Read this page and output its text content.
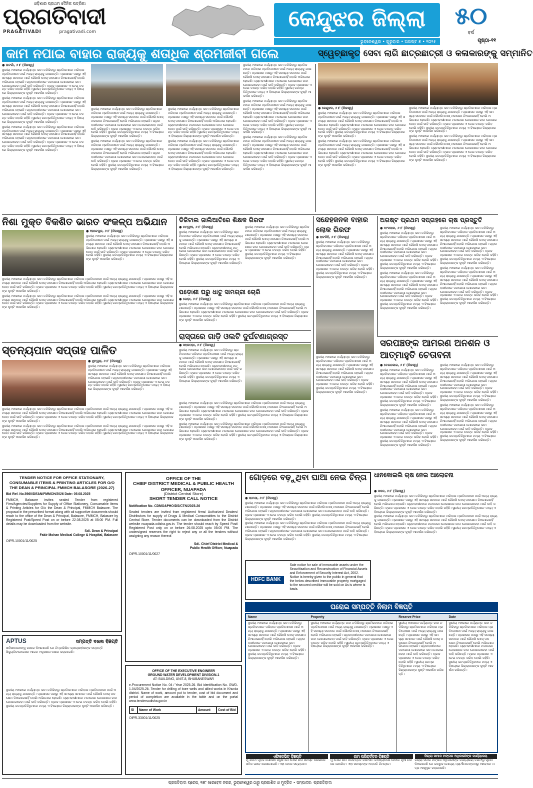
ଓଡ଼ିଶାର ପ୍ରଥମ ଦୈନିକ ପତ୍ରିକା
ପ୍ରଗତିବାଦୀ
PRAGATIVADI	pragativadi.com
କେନ୍ଦୁଝର ଜିଲ୍ଲା	୫୦
ବର୍ଷ
ଭୁବନେଶ୍ୱର • ଗୁରୁବାର • ଅଗଷ୍ଟ ୭ • ୨୦୨୫	ପୃଷ୍ଠା-୧୧
କାମ ନପାଇ ବାହାର ରାଜ୍ୟକୁ ଶତାଧିକ ଶ୍ରମଜୀବୀ ଗଲେ

● ଘଟଗାଁ, ୬।୮ (ନିଜସ୍ୱ)

ସ୍ଥାନୀୟ ଅଞ୍ଚଳରେ ପର୍ଯ୍ୟାପ୍ତ କାମ ନମିଳିବାରୁ ଶ୍ରମିକମାନେ ପରିବାର ପ୍ରତିପୋଷଣ ପାଇଁ ଅନ୍ୟ ରାଜ୍ୟକୁ ଯାଉଛନ୍ତି। ପ୍ରଶାସନ ପକ୍ଷରୁ ଏହି ସମସ୍ୟା ସମାଧାନ ପାଇଁ କୌଣସି ଠୋସ୍ ପଦକ୍ଷେପ ନିଆଯାଇନାହିଁ ବୋଲି ଅଭିଯୋଗ ହୋଇଛି। ଗ୍ରାମବାସୀମାନେ ମନରେଗା ଯୋଜନାରେ କାମ ଯୋଗାଇଦେବା ପାଇଁ ଦାବି କରିଛନ୍ତି। ବ୍ଲକ ପ୍ରଶାସନ ଏ ନେଇ ତଦନ୍ତ କରିବ ବୋଲି କହିଛି। ସ୍ଥାନୀୟ ଜନପ୍ରତିନିଧିମାନେ ମଧ୍ୟ ଏ ବିଷୟରେ ଜିଲ୍ଲାପାଳଙ୍କ ଦୃଷ୍ଟି ଆକର୍ଷଣ କରିଛନ୍ତି।

ସ୍ଥାନୀୟ ଅଞ୍ଚଳରେ ପର୍ଯ୍ୟାପ୍ତ କାମ ନମିଳିବାରୁ ଶ୍ରମିକମାନେ ପରିବାର ପ୍ରତିପୋଷଣ ପାଇଁ ଅନ୍ୟ ରାଜ୍ୟକୁ ଯାଉଛନ୍ତି। ପ୍ରଶାସନ ପକ୍ଷରୁ ଏହି ସମସ୍ୟା ସମାଧାନ ପାଇଁ କୌଣସି ଠୋସ୍ ପଦକ୍ଷେପ ନିଆଯାଇନାହିଁ ବୋଲି ଅଭିଯୋଗ ହୋଇଛି। ଗ୍ରାମବାସୀମାନେ ମନରେଗା ଯୋଜନାରେ କାମ ଯୋଗାଇଦେବା ପାଇଁ ଦାବି କରିଛନ୍ତି। ବ୍ଲକ ପ୍ରଶାସନ ଏ ନେଇ ତଦନ୍ତ କରିବ ବୋଲି କହିଛି। ସ୍ଥାନୀୟ ଜନପ୍ରତିନିଧିମାନେ ମଧ୍ୟ ଏ ବିଷୟରେ ଜିଲ୍ଲାପାଳଙ୍କ ଦୃଷ୍ଟି ଆକର୍ଷଣ କରିଛନ୍ତି।

ସ୍ଥାନୀୟ ଅଞ୍ଚଳରେ ପର୍ଯ୍ୟାପ୍ତ କାମ ନମିଳିବାରୁ ଶ୍ରମିକମାନେ ପରିବାର ପ୍ରତିପୋଷଣ ପାଇଁ ଅନ୍ୟ ରାଜ୍ୟକୁ ଯାଉଛନ୍ତି। ପ୍ରଶାସନ ପକ୍ଷରୁ ଏହି ସମସ୍ୟା ସମାଧାନ ପାଇଁ କୌଣସି ଠୋସ୍ ପଦକ୍ଷେପ ନିଆଯାଇନାହିଁ ବୋଲି ଅଭିଯୋଗ ହୋଇଛି। ଗ୍ରାମବାସୀମାନେ ମନରେଗା ଯୋଜନାରେ କାମ ଯୋଗାଇଦେବା ପାଇଁ ଦାବି କରିଛନ୍ତି। ବ୍ଲକ ପ୍ରଶାସନ ଏ ନେଇ ତଦନ୍ତ କରିବ ବୋଲି କହିଛି। ସ୍ଥାନୀୟ ଜନପ୍ରତିନିଧିମାନେ ମଧ୍ୟ ଏ ବିଷୟରେ ଜିଲ୍ଲାପାଳଙ୍କ ଦୃଷ୍ଟି ଆକର୍ଷଣ କରିଛନ୍ତି।

ସ୍ଥାନୀୟ ଅଞ୍ଚଳରେ ପର୍ଯ୍ୟାପ୍ତ କାମ ନମିଳିବାରୁ ଶ୍ରମିକମାନେ ପରିବାର ପ୍ରତିପୋଷଣ ପାଇଁ ଅନ୍ୟ ରାଜ୍ୟକୁ ଯାଉଛନ୍ତି। ପ୍ରଶାସନ ପକ୍ଷରୁ ଏହି ସମସ୍ୟା ସମାଧାନ ପାଇଁ କୌଣସି ଠୋସ୍ ପଦକ୍ଷେପ ନିଆଯାଇନାହିଁ ବୋଲି ଅଭିଯୋଗ ହୋଇଛି। ଗ୍ରାମବାସୀମାନେ ମନରେଗା ଯୋଜନାରେ କାମ ଯୋଗାଇଦେବା ପାଇଁ ଦାବି କରିଛନ୍ତି। ବ୍ଲକ ପ୍ରଶାସନ ଏ ନେଇ ତଦନ୍ତ କରିବ ବୋଲି କହିଛି। ସ୍ଥାନୀୟ ଜନପ୍ରତିନିଧିମାନେ ମଧ୍ୟ ଏ ବିଷୟରେ ଜିଲ୍ଲାପାଳଙ୍କ ଦୃଷ୍ଟି ଆକର୍ଷଣ କରିଛନ୍ତି।

ସ୍ଥାନୀୟ ଅଞ୍ଚଳରେ ପର୍ଯ୍ୟାପ୍ତ କାମ ନମିଳିବାରୁ ଶ୍ରମିକମାନେ ପରିବାର ପ୍ରତିପୋଷଣ ପାଇଁ ଅନ୍ୟ ରାଜ୍ୟକୁ ଯାଉଛନ୍ତି। ପ୍ରଶାସନ ପକ୍ଷରୁ ଏହି ସମସ୍ୟା ସମାଧାନ ପାଇଁ କୌଣସି ଠୋସ୍ ପଦକ୍ଷେପ ନିଆଯାଇନାହିଁ ବୋଲି ଅଭିଯୋଗ ହୋଇଛି। ଗ୍ରାମବାସୀମାନେ ମନରେଗା ଯୋଜନାରେ କାମ ଯୋଗାଇଦେବା ପାଇଁ ଦାବି କରିଛନ୍ତି। ବ୍ଲକ ପ୍ରଶାସନ ଏ ନେଇ ତଦନ୍ତ କରିବ ବୋଲି କହିଛି। ସ୍ଥାନୀୟ ଜନପ୍ରତିନିଧିମାନେ ମଧ୍ୟ ଏ ବିଷୟରେ ଜିଲ୍ଲାପାଳଙ୍କ ଦୃଷ୍ଟି ଆକର୍ଷଣ କରିଛନ୍ତି।

ସ୍ଥାନୀୟ ଅଞ୍ଚଳରେ ପର୍ଯ୍ୟାପ୍ତ କାମ ନମିଳିବାରୁ ଶ୍ରମିକମାନେ ପରିବାର ପ୍ରତିପୋଷଣ ପାଇଁ ଅନ୍ୟ ରାଜ୍ୟକୁ ଯାଉଛନ୍ତି। ପ୍ରଶାସନ ପକ୍ଷରୁ ଏହି ସମସ୍ୟା ସମାଧାନ ପାଇଁ କୌଣସି ଠୋସ୍ ପଦକ୍ଷେପ ନିଆଯାଇନାହିଁ ବୋଲି ଅଭିଯୋଗ ହୋଇଛି। ଗ୍ରାମବାସୀମାନେ ମନରେଗା ଯୋଜନାରେ କାମ ଯୋଗାଇଦେବା ପାଇଁ ଦାବି କରିଛନ୍ତି। ବ୍ଲକ ପ୍ରଶାସନ ଏ ନେଇ ତଦନ୍ତ କରିବ ବୋଲି କହିଛି। ସ୍ଥାନୀୟ ଜନପ୍ରତିନିଧିମାନେ ମଧ୍ୟ ଏ ବିଷୟରେ ଜିଲ୍ଲାପାଳଙ୍କ ଦୃଷ୍ଟି ଆକର୍ଷଣ କରିଛନ୍ତି।

ସ୍ଥାନୀୟ ଅଞ୍ଚଳରେ ପର୍ଯ୍ୟାପ୍ତ କାମ ନମିଳିବାରୁ ଶ୍ରମିକମାନେ ପରିବାର ପ୍ରତିପୋଷଣ ପାଇଁ ଅନ୍ୟ ରାଜ୍ୟକୁ ଯାଉଛନ୍ତି। ପ୍ରଶାସନ ପକ୍ଷରୁ ଏହି ସମସ୍ୟା ସମାଧାନ ପାଇଁ କୌଣସି ଠୋସ୍ ପଦକ୍ଷେପ ନିଆଯାଇନାହିଁ ବୋଲି ଅଭିଯୋଗ ହୋଇଛି। ଗ୍ରାମବାସୀମାନେ ମନରେଗା ଯୋଜନାରେ କାମ ଯୋଗାଇଦେବା ପାଇଁ ଦାବି କରିଛନ୍ତି। ବ୍ଲକ ପ୍ରଶାସନ ଏ ନେଇ ତଦନ୍ତ କରିବ ବୋଲି କହିଛି। ସ୍ଥାନୀୟ ଜନପ୍ରତିନିଧିମାନେ ମଧ୍ୟ ଏ ବିଷୟରେ ଜିଲ୍ଲାପାଳଙ୍କ ଦୃଷ୍ଟି ଆକର୍ଷଣ କରିଛନ୍ତି।

ସ୍ଥାନୀୟ ଅଞ୍ଚଳରେ ପର୍ଯ୍ୟାପ୍ତ କାମ ନମିଳିବାରୁ ଶ୍ରମିକମାନେ ପରିବାର ପ୍ରତିପୋଷଣ ପାଇଁ ଅନ୍ୟ ରାଜ୍ୟକୁ ଯାଉଛନ୍ତି। ପ୍ରଶାସନ ପକ୍ଷରୁ ଏହି ସମସ୍ୟା ସମାଧାନ ପାଇଁ କୌଣସି ଠୋସ୍ ପଦକ୍ଷେପ ନିଆଯାଇନାହିଁ ବୋଲି ଅଭିଯୋଗ ହୋଇଛି। ଗ୍ରାମବାସୀମାନେ ମନରେଗା ଯୋଜନାରେ କାମ ଯୋଗାଇଦେବା ପାଇଁ ଦାବି କରିଛନ୍ତି। ବ୍ଲକ ପ୍ରଶାସନ ଏ ନେଇ ତଦନ୍ତ କରିବ ବୋଲି କହିଛି। ସ୍ଥାନୀୟ ଜନପ୍ରତିନିଧିମାନେ ମଧ୍ୟ ଏ ବିଷୟରେ ଜିଲ୍ଲାପାଳଙ୍କ ଦୃଷ୍ଟି ଆକର୍ଷଣ କରିଛନ୍ତି।

ସ୍ଥାନୀୟ ଅଞ୍ଚଳରେ ପର୍ଯ୍ୟାପ୍ତ କାମ ନମିଳିବାରୁ ଶ୍ରମିକମାନେ ପରିବାର ପ୍ରତିପୋଷଣ ପାଇଁ ଅନ୍ୟ ରାଜ୍ୟକୁ ଯାଉଛନ୍ତି। ପ୍ରଶାସନ ପକ୍ଷରୁ ଏହି ସମସ୍ୟା ସମାଧାନ ପାଇଁ କୌଣସି ଠୋସ୍ ପଦକ୍ଷେପ ନିଆଯାଇନାହିଁ ବୋଲି ଅଭିଯୋଗ ହୋଇଛି। ଗ୍ରାମବାସୀମାନେ ମନରେଗା ଯୋଜନାରେ କାମ ଯୋଗାଇଦେବା ପାଇଁ ଦାବି କରିଛନ୍ତି। ବ୍ଲକ ପ୍ରଶାସନ ଏ ନେଇ ତଦନ୍ତ କରିବ ବୋଲି କହିଛି। ସ୍ଥାନୀୟ ଜନପ୍ରତିନିଧିମାନେ ମଧ୍ୟ ଏ ବିଷୟରେ ଜିଲ୍ଲାପାଳଙ୍କ ଦୃଷ୍ଟି ଆକର୍ଷଣ କରିଛନ୍ତି।

ସ୍ଥାନୀୟ ଅଞ୍ଚଳରେ ପର୍ଯ୍ୟାପ୍ତ କାମ ନମିଳିବାରୁ ଶ୍ରମିକମାନେ ପରିବାର ପ୍ରତିପୋଷଣ ପାଇଁ ଅନ୍ୟ ରାଜ୍ୟକୁ ଯାଉଛନ୍ତି। ପ୍ରଶାସନ ପକ୍ଷରୁ ଏହି ସମସ୍ୟା ସମାଧାନ ପାଇଁ କୌଣସି ଠୋସ୍ ପଦକ୍ଷେପ ନିଆଯାଇନାହିଁ ବୋଲି ଅଭିଯୋଗ ହୋଇଛି। ଗ୍ରାମବାସୀମାନେ ମନରେଗା ଯୋଜନାରେ କାମ ଯୋଗାଇଦେବା ପାଇଁ ଦାବି କରିଛନ୍ତି। ବ୍ଲକ ପ୍ରଶାସନ ଏ ନେଇ ତଦନ୍ତ କରିବ ବୋଲି କହିଛି। ସ୍ଥାନୀୟ ଜନପ୍ରତିନିଧିମାନେ ମଧ୍ୟ ଏ ବିଷୟରେ ଜିଲ୍ଲାପାଳଙ୍କ ଦୃଷ୍ଟି ଆକର୍ଷଣ କରିଛନ୍ତି।

ସ୍ୱେଚ୍ଛାକୃତ ସେବା ଲାଗି ଛାତ୍ରଛାତ୍ରୀ ଓ କଳାକାରଙ୍କୁ ସମ୍ମାନିତ

● କେନ୍ଦୁଝର, ୬।୮ (ନିଜସ୍ୱ)

ସ୍ଥାନୀୟ ଅଞ୍ଚଳରେ ପର୍ଯ୍ୟାପ୍ତ କାମ ନମିଳିବାରୁ ଶ୍ରମିକମାନେ ପରିବାର ପ୍ରତିପୋଷଣ ପାଇଁ ଅନ୍ୟ ରାଜ୍ୟକୁ ଯାଉଛନ୍ତି। ପ୍ରଶାସନ ପକ୍ଷରୁ ଏହି ସମସ୍ୟା ସମାଧାନ ପାଇଁ କୌଣସି ଠୋସ୍ ପଦକ୍ଷେପ ନିଆଯାଇନାହିଁ ବୋଲି ଅଭିଯୋଗ ହୋଇଛି। ଗ୍ରାମବାସୀମାନେ ମନରେଗା ଯୋଜନାରେ କାମ ଯୋଗାଇଦେବା ପାଇଁ ଦାବି କରିଛନ୍ତି। ବ୍ଲକ ପ୍ରଶାସନ ଏ ନେଇ ତଦନ୍ତ କରିବ ବୋଲି କହିଛି। ସ୍ଥାନୀୟ ଜନପ୍ରତିନିଧିମାନେ ମଧ୍ୟ ଏ ବିଷୟରେ ଜିଲ୍ଲାପାଳଙ୍କ ଦୃଷ୍ଟି ଆକର୍ଷଣ କରିଛନ୍ତି।

ସ୍ଥାନୀୟ ଅଞ୍ଚଳରେ ପର୍ଯ୍ୟାପ୍ତ କାମ ନମିଳିବାରୁ ଶ୍ରମିକମାନେ ପରିବାର ପ୍ରତିପୋଷଣ ପାଇଁ ଅନ୍ୟ ରାଜ୍ୟକୁ ଯାଉଛନ୍ତି। ପ୍ରଶାସନ ପକ୍ଷରୁ ଏହି ସମସ୍ୟା ସମାଧାନ ପାଇଁ କୌଣସି ଠୋସ୍ ପଦକ୍ଷେପ ନିଆଯାଇନାହିଁ ବୋଲି ଅଭିଯୋଗ ହୋଇଛି। ଗ୍ରାମବାସୀମାନେ ମନରେଗା ଯୋଜନାରେ କାମ ଯୋଗାଇଦେବା ପାଇଁ ଦାବି କରିଛନ୍ତି। ବ୍ଲକ ପ୍ରଶାସନ ଏ ନେଇ ତଦନ୍ତ କରିବ ବୋଲି କହିଛି। ସ୍ଥାନୀୟ ଜନପ୍ରତିନିଧିମାନେ ମଧ୍ୟ ଏ ବିଷୟରେ ଜିଲ୍ଲାପାଳଙ୍କ ଦୃଷ୍ଟି ଆକର୍ଷଣ କରିଛନ୍ତି।

ସ୍ଥାନୀୟ ଅଞ୍ଚଳରେ ପର୍ଯ୍ୟାପ୍ତ କାମ ନମିଳିବାରୁ ଶ୍ରମିକମାନେ ପରିବାର ପ୍ରତିପୋଷଣ ପାଇଁ ଅନ୍ୟ ରାଜ୍ୟକୁ ଯାଉଛନ୍ତି। ପ୍ରଶାସନ ପକ୍ଷରୁ ଏହି ସମସ୍ୟା ସମାଧାନ ପାଇଁ କୌଣସି ଠୋସ୍ ପଦକ୍ଷେପ ନିଆଯାଇନାହିଁ ବୋଲି ଅଭିଯୋଗ ହୋଇଛି। ଗ୍ରାମବାସୀମାନେ ମନରେଗା ଯୋଜନାରେ କାମ ଯୋଗାଇଦେବା ପାଇଁ ଦାବି କରିଛନ୍ତି। ବ୍ଲକ ପ୍ରଶାସନ ଏ ନେଇ ତଦନ୍ତ କରିବ ବୋଲି କହିଛି। ସ୍ଥାନୀୟ ଜନପ୍ରତିନିଧିମାନେ ମଧ୍ୟ ଏ ବିଷୟରେ ଜିଲ୍ଲାପାଳଙ୍କ ଦୃଷ୍ଟି ଆକର୍ଷଣ କରିଛନ୍ତି।

ସ୍ଥାନୀୟ ଅଞ୍ଚଳରେ ପର୍ଯ୍ୟାପ୍ତ କାମ ନମିଳିବାରୁ ଶ୍ରମିକମାନେ ପରିବାର ପ୍ରତିପୋଷଣ ପାଇଁ ଅନ୍ୟ ରାଜ୍ୟକୁ ଯାଉଛନ୍ତି। ପ୍ରଶାସନ ପକ୍ଷରୁ ଏହି ସମସ୍ୟା ସମାଧାନ ପାଇଁ କୌଣସି ଠୋସ୍ ପଦକ୍ଷେପ ନିଆଯାଇନାହିଁ ବୋଲି ଅଭିଯୋଗ ହୋଇଛି। ଗ୍ରାମବାସୀମାନେ ମନରେଗା ଯୋଜନାରେ କାମ ଯୋଗାଇଦେବା ପାଇଁ ଦାବି କରିଛନ୍ତି। ବ୍ଲକ ପ୍ରଶାସନ ଏ ନେଇ ତଦନ୍ତ କରିବ ବୋଲି କହିଛି। ସ୍ଥାନୀୟ ଜନପ୍ରତିନିଧିମାନେ ମଧ୍ୟ ଏ ବିଷୟରେ ଜିଲ୍ଲାପାଳଙ୍କ ଦୃଷ୍ଟି ଆକର୍ଷଣ କରିଛନ୍ତି।

ନିଶା ମୁକ୍ତ ବିକଶିତ ଭାରତ ସଂକଳ୍ପ ଅଭିଯାନ

● ଆନନ୍ଦପୁର, ୬।୮ (ନିଜସ୍ୱ)

ସ୍ଥାନୀୟ ଅଞ୍ଚଳରେ ପର୍ଯ୍ୟାପ୍ତ କାମ ନମିଳିବାରୁ ଶ୍ରମିକମାନେ ପରିବାର ପ୍ରତିପୋଷଣ ପାଇଁ ଅନ୍ୟ ରାଜ୍ୟକୁ ଯାଉଛନ୍ତି। ପ୍ରଶାସନ ପକ୍ଷରୁ ଏହି ସମସ୍ୟା ସମାଧାନ ପାଇଁ କୌଣସି ଠୋସ୍ ପଦକ୍ଷେପ ନିଆଯାଇନାହିଁ ବୋଲି ଅଭିଯୋଗ ହୋଇଛି। ଗ୍ରାମବାସୀମାନେ ମନରେଗା ଯୋଜନାରେ କାମ ଯୋଗାଇଦେବା ପାଇଁ ଦାବି କରିଛନ୍ତି। ବ୍ଲକ ପ୍ରଶାସନ ଏ ନେଇ ତଦନ୍ତ କରିବ ବୋଲି କହିଛି। ସ୍ଥାନୀୟ ଜନପ୍ରତିନିଧିମାନେ ମଧ୍ୟ ଏ ବିଷୟରେ ଜିଲ୍ଲାପାଳଙ୍କ ଦୃଷ୍ଟି ଆକର୍ଷଣ କରିଛନ୍ତି।

ସ୍ଥାନୀୟ ଅଞ୍ଚଳରେ ପର୍ଯ୍ୟାପ୍ତ କାମ ନମିଳିବାରୁ ଶ୍ରମିକମାନେ ପରିବାର ପ୍ରତିପୋଷଣ ପାଇଁ ଅନ୍ୟ ରାଜ୍ୟକୁ ଯାଉଛନ୍ତି। ପ୍ରଶାସନ ପକ୍ଷରୁ ଏହି ସମସ୍ୟା ସମାଧାନ ପାଇଁ କୌଣସି ଠୋସ୍ ପଦକ୍ଷେପ ନିଆଯାଇନାହିଁ ବୋଲି ଅଭିଯୋଗ ହୋଇଛି। ଗ୍ରାମବାସୀମାନେ ମନରେଗା ଯୋଜନାରେ କାମ ଯୋଗାଇଦେବା ପାଇଁ ଦାବି କରିଛନ୍ତି। ବ୍ଲକ ପ୍ରଶାସନ ଏ ନେଇ ତଦନ୍ତ କରିବ ବୋଲି କହିଛି। ସ୍ଥାନୀୟ ଜନପ୍ରତିନିଧିମାନେ ମଧ୍ୟ ଏ ବିଷୟରେ ଜିଲ୍ଲାପାଳଙ୍କ ଦୃଷ୍ଟି ଆକର୍ଷଣ କରିଛନ୍ତି।

ସ୍ଥାନୀୟ ଅଞ୍ଚଳରେ ପର୍ଯ୍ୟାପ୍ତ କାମ ନମିଳିବାରୁ ଶ୍ରମିକମାନେ ପରିବାର ପ୍ରତିପୋଷଣ ପାଇଁ ଅନ୍ୟ ରାଜ୍ୟକୁ ଯାଉଛନ୍ତି। ପ୍ରଶାସନ ପକ୍ଷରୁ ଏହି ସମସ୍ୟା ସମାଧାନ ପାଇଁ କୌଣସି ଠୋସ୍ ପଦକ୍ଷେପ ନିଆଯାଇନାହିଁ ବୋଲି ଅଭିଯୋଗ ହୋଇଛି। ଗ୍ରାମବାସୀମାନେ ମନରେଗା ଯୋଜନାରେ କାମ ଯୋଗାଇଦେବା ପାଇଁ ଦାବି କରିଛନ୍ତି। ବ୍ଲକ ପ୍ରଶାସନ ଏ ନେଇ ତଦନ୍ତ କରିବ ବୋଲି କହିଛି। ସ୍ଥାନୀୟ ଜନପ୍ରତିନିଧିମାନେ ମଧ୍ୟ ଏ ବିଷୟରେ ଜିଲ୍ଲାପାଳଙ୍କ ଦୃଷ୍ଟି ଆକର୍ଷଣ କରିଛନ୍ତି।

ଡିଜିଟାଲ ଜାଲିଆତିରେ ଶିକ୍ଷକ ଗିରଫ

● ଚମ୍ପୁଆ, ୬।୮ (ନିଜସ୍ୱ)

ସ୍ଥାନୀୟ ଅଞ୍ଚଳରେ ପର୍ଯ୍ୟାପ୍ତ କାମ ନମିଳିବାରୁ ଶ୍ରମିକମାନେ ପରିବାର ପ୍ରତିପୋଷଣ ପାଇଁ ଅନ୍ୟ ରାଜ୍ୟକୁ ଯାଉଛନ୍ତି। ପ୍ରଶାସନ ପକ୍ଷରୁ ଏହି ସମସ୍ୟା ସମାଧାନ ପାଇଁ କୌଣସି ଠୋସ୍ ପଦକ୍ଷେପ ନିଆଯାଇନାହିଁ ବୋଲି ଅଭିଯୋଗ ହୋଇଛି। ଗ୍ରାମବାସୀମାନେ ମନରେଗା ଯୋଜନାରେ କାମ ଯୋଗାଇଦେବା ପାଇଁ ଦାବି କରିଛନ୍ତି। ବ୍ଲକ ପ୍ରଶାସନ ଏ ନେଇ ତଦନ୍ତ କରିବ ବୋଲି କହିଛି। ସ୍ଥାନୀୟ ଜନପ୍ରତିନିଧିମାନେ ମଧ୍ୟ ଏ ବିଷୟରେ ଜିଲ୍ଲାପାଳଙ୍କ ଦୃଷ୍ଟି ଆକର୍ଷଣ କରିଛନ୍ତି।

ସ୍ଥାନୀୟ ଅଞ୍ଚଳରେ ପର୍ଯ୍ୟାପ୍ତ କାମ ନମିଳିବାରୁ ଶ୍ରମିକମାନେ ପରିବାର ପ୍ରତିପୋଷଣ ପାଇଁ ଅନ୍ୟ ରାଜ୍ୟକୁ ଯାଉଛନ୍ତି। ପ୍ରଶାସନ ପକ୍ଷରୁ ଏହି ସମସ୍ୟା ସମାଧାନ ପାଇଁ କୌଣସି ଠୋସ୍ ପଦକ୍ଷେପ ନିଆଯାଇନାହିଁ ବୋଲି ଅଭିଯୋଗ ହୋଇଛି। ଗ୍ରାମବାସୀମାନେ ମନରେଗା ଯୋଜନାରେ କାମ ଯୋଗାଇଦେବା ପାଇଁ ଦାବି କରିଛନ୍ତି। ବ୍ଲକ ପ୍ରଶାସନ ଏ ନେଇ ତଦନ୍ତ କରିବ ବୋଲି କହିଛି। ସ୍ଥାନୀୟ ଜନପ୍ରତିନିଧିମାନେ ମଧ୍ୟ ଏ ବିଷୟରେ ଜିଲ୍ଲାପାଳଙ୍କ ଦୃଷ୍ଟି ଆକର୍ଷଣ କରିଛନ୍ତି।

ପଡ଼ୋଶୀ ଘରୁ ଧାତୁ ସାମଗ୍ରୀ ଚୋରି

● ଜୋଡ଼ା, ୬।୮ (ନିଜସ୍ୱ)

ସ୍ଥାନୀୟ ଅଞ୍ଚଳରେ ପର୍ଯ୍ୟାପ୍ତ କାମ ନମିଳିବାରୁ ଶ୍ରମିକମାନେ ପରିବାର ପ୍ରତିପୋଷଣ ପାଇଁ ଅନ୍ୟ ରାଜ୍ୟକୁ ଯାଉଛନ୍ତି। ପ୍ରଶାସନ ପକ୍ଷରୁ ଏହି ସମସ୍ୟା ସମାଧାନ ପାଇଁ କୌଣସି ଠୋସ୍ ପଦକ୍ଷେପ ନିଆଯାଇନାହିଁ ବୋଲି ଅଭିଯୋଗ ହୋଇଛି। ଗ୍ରାମବାସୀମାନେ ମନରେଗା ଯୋଜନାରେ କାମ ଯୋଗାଇଦେବା ପାଇଁ ଦାବି କରିଛନ୍ତି। ବ୍ଲକ ପ୍ରଶାସନ ଏ ନେଇ ତଦନ୍ତ କରିବ ବୋଲି କହିଛି। ସ୍ଥାନୀୟ ଜନପ୍ରତିନିଧିମାନେ ମଧ୍ୟ ଏ ବିଷୟରେ ଜିଲ୍ଲାପାଳଙ୍କ ଦୃଷ୍ଟି ଆକର୍ଷଣ କରିଛନ୍ତି।

ସନ୍ଦେହଜନକ ବାହାର ଲୋକ ଗିରଫ

● ହାଟଡିହି, ୬।୮ (ନିଜସ୍ୱ)

ସ୍ଥାନୀୟ ଅଞ୍ଚଳରେ ପର୍ଯ୍ୟାପ୍ତ କାମ ନମିଳିବାରୁ ଶ୍ରମିକମାନେ ପରିବାର ପ୍ରତିପୋଷଣ ପାଇଁ ଅନ୍ୟ ରାଜ୍ୟକୁ ଯାଉଛନ୍ତି। ପ୍ରଶାସନ ପକ୍ଷରୁ ଏହି ସମସ୍ୟା ସମାଧାନ ପାଇଁ କୌଣସି ଠୋସ୍ ପଦକ୍ଷେପ ନିଆଯାଇନାହିଁ ବୋଲି ଅଭିଯୋଗ ହୋଇଛି। ଗ୍ରାମବାସୀମାନେ ମନରେଗା ଯୋଜନାରେ କାମ ଯୋଗାଇଦେବା ପାଇଁ ଦାବି କରିଛନ୍ତି। ବ୍ଲକ ପ୍ରଶାସନ ଏ ନେଇ ତଦନ୍ତ କରିବ ବୋଲି କହିଛି। ସ୍ଥାନୀୟ ଜନପ୍ରତିନିଧିମାନେ ମଧ୍ୟ ଏ ବିଷୟରେ ଜିଲ୍ଲାପାଳଙ୍କ ଦୃଷ୍ଟି ଆକର୍ଷଣ କରିଛନ୍ତି।

ସ୍ଥାନୀୟ ଅଞ୍ଚଳରେ ପର୍ଯ୍ୟାପ୍ତ କାମ ନମିଳିବାରୁ ଶ୍ରମିକମାନେ ପରିବାର ପ୍ରତିପୋଷଣ ପାଇଁ ଅନ୍ୟ ରାଜ୍ୟକୁ ଯାଉଛନ୍ତି। ପ୍ରଶାସନ ପକ୍ଷରୁ ଏହି ସମସ୍ୟା ସମାଧାନ ପାଇଁ କୌଣସି ଠୋସ୍ ପଦକ୍ଷେପ ନିଆଯାଇନାହିଁ ବୋଲି ଅଭିଯୋଗ ହୋଇଛି। ଗ୍ରାମବାସୀମାନେ ମନରେଗା ଯୋଜନାରେ କାମ ଯୋଗାଇଦେବା ପାଇଁ ଦାବି କରିଛନ୍ତି। ବ୍ଲକ ପ୍ରଶାସନ ଏ ନେଇ ତଦନ୍ତ କରିବ ବୋଲି କହିଛି। ସ୍ଥାନୀୟ ଜନପ୍ରତିନିଧିମାନେ ମଧ୍ୟ ଏ ବିଷୟରେ ଜିଲ୍ଲାପାଳଙ୍କ ଦୃଷ୍ଟି ଆକର୍ଷଣ କରିଛନ୍ତି।

ଅଗଷ୍ଟ ପ୍ରଥମ ସପ୍ତାହରେ ଚାଷ ପ୍ରସ୍ତୁତି

● ବାଂସପାଳ, ୬।୮ (ନିଜସ୍ୱ)

ସ୍ଥାନୀୟ ଅଞ୍ଚଳରେ ପର୍ଯ୍ୟାପ୍ତ କାମ ନମିଳିବାରୁ ଶ୍ରମିକମାନେ ପରିବାର ପ୍ରତିପୋଷଣ ପାଇଁ ଅନ୍ୟ ରାଜ୍ୟକୁ ଯାଉଛନ୍ତି। ପ୍ରଶାସନ ପକ୍ଷରୁ ଏହି ସମସ୍ୟା ସମାଧାନ ପାଇଁ କୌଣସି ଠୋସ୍ ପଦକ୍ଷେପ ନିଆଯାଇନାହିଁ ବୋଲି ଅଭିଯୋଗ ହୋଇଛି। ଗ୍ରାମବାସୀମାନେ ମନରେଗା ଯୋଜନାରେ କାମ ଯୋଗାଇଦେବା ପାଇଁ ଦାବି କରିଛନ୍ତି। ବ୍ଲକ ପ୍ରଶାସନ ଏ ନେଇ ତଦନ୍ତ କରିବ ବୋଲି କହିଛି। ସ୍ଥାନୀୟ ଜନପ୍ରତିନିଧିମାନେ ମଧ୍ୟ ଏ ବିଷୟରେ ଜିଲ୍ଲାପାଳଙ୍କ ଦୃଷ୍ଟି ଆକର୍ଷଣ କରିଛନ୍ତି।

ସ୍ଥାନୀୟ ଅଞ୍ଚଳରେ ପର୍ଯ୍ୟାପ୍ତ କାମ ନମିଳିବାରୁ ଶ୍ରମିକମାନେ ପରିବାର ପ୍ରତିପୋଷଣ ପାଇଁ ଅନ୍ୟ ରାଜ୍ୟକୁ ଯାଉଛନ୍ତି। ପ୍ରଶାସନ ପକ୍ଷରୁ ଏହି ସମସ୍ୟା ସମାଧାନ ପାଇଁ କୌଣସି ଠୋସ୍ ପଦକ୍ଷେପ ନିଆଯାଇନାହିଁ ବୋଲି ଅଭିଯୋଗ ହୋଇଛି। ଗ୍ରାମବାସୀମାନେ ମନରେଗା ଯୋଜନାରେ କାମ ଯୋଗାଇଦେବା ପାଇଁ ଦାବି କରିଛନ୍ତି। ବ୍ଲକ ପ୍ରଶାସନ ଏ ନେଇ ତଦନ୍ତ କରିବ ବୋଲି କହିଛି। ସ୍ଥାନୀୟ ଜନପ୍ରତିନିଧିମାନେ ମଧ୍ୟ ଏ ବିଷୟରେ ଜିଲ୍ଲାପାଳଙ୍କ ଦୃଷ୍ଟି ଆକର୍ଷଣ କରିଛନ୍ତି।

ସ୍ଥାନୀୟ ଅଞ୍ଚଳରେ ପର୍ଯ୍ୟାପ୍ତ କାମ ନମିଳିବାରୁ ଶ୍ରମିକମାନେ ପରିବାର ପ୍ରତିପୋଷଣ ପାଇଁ ଅନ୍ୟ ରାଜ୍ୟକୁ ଯାଉଛନ୍ତି। ପ୍ରଶାସନ ପକ୍ଷରୁ ଏହି ସମସ୍ୟା ସମାଧାନ ପାଇଁ କୌଣସି ଠୋସ୍ ପଦକ୍ଷେପ ନିଆଯାଇନାହିଁ ବୋଲି ଅଭିଯୋଗ ହୋଇଛି। ଗ୍ରାମବାସୀମାନେ ମନରେଗା ଯୋଜନାରେ କାମ ଯୋଗାଇଦେବା ପାଇଁ ଦାବି କରିଛନ୍ତି। ବ୍ଲକ ପ୍ରଶାସନ ଏ ନେଇ ତଦନ୍ତ କରିବ ବୋଲି କହିଛି। ସ୍ଥାନୀୟ ଜନପ୍ରତିନିଧିମାନେ ମଧ୍ୟ ଏ ବିଷୟରେ ଜିଲ୍ଲାପାଳଙ୍କ ଦୃଷ୍ଟି ଆକର୍ଷଣ କରିଛନ୍ତି।

ସ୍ଥାନୀୟ ଅଞ୍ଚଳରେ ପର୍ଯ୍ୟାପ୍ତ କାମ ନମିଳିବାରୁ ଶ୍ରମିକମାନେ ପରିବାର ପ୍ରତିପୋଷଣ ପାଇଁ ଅନ୍ୟ ରାଜ୍ୟକୁ ଯାଉଛନ୍ତି। ପ୍ରଶାସନ ପକ୍ଷରୁ ଏହି ସମସ୍ୟା ସମାଧାନ ପାଇଁ କୌଣସି ଠୋସ୍ ପଦକ୍ଷେପ ନିଆଯାଇନାହିଁ ବୋଲି ଅଭିଯୋଗ ହୋଇଛି। ଗ୍ରାମବାସୀମାନେ ମନରେଗା ଯୋଜନାରେ କାମ ଯୋଗାଇଦେବା ପାଇଁ ଦାବି କରିଛନ୍ତି। ବ୍ଲକ ପ୍ରଶାସନ ଏ ନେଇ ତଦନ୍ତ କରିବ ବୋଲି କହିଛି। ସ୍ଥାନୀୟ ଜନପ୍ରତିନିଧିମାନେ ମଧ୍ୟ ଏ ବିଷୟରେ ଜିଲ୍ଲାପାଳଙ୍କ ଦୃଷ୍ଟି ଆକର୍ଷଣ କରିଛନ୍ତି।

ସରପଞ୍ଚଙ୍କ ଆମରଣ ଅନଶନ ଓ ଆତ୍ମାହୁତି ଚେତାବନୀ

● ତେଲକୋଇ, ୬।୮ (ନିଜସ୍ୱ)

ସ୍ଥାନୀୟ ଅଞ୍ଚଳରେ ପର୍ଯ୍ୟାପ୍ତ କାମ ନମିଳିବାରୁ ଶ୍ରମିକମାନେ ପରିବାର ପ୍ରତିପୋଷଣ ପାଇଁ ଅନ୍ୟ ରାଜ୍ୟକୁ ଯାଉଛନ୍ତି। ପ୍ରଶାସନ ପକ୍ଷରୁ ଏହି ସମସ୍ୟା ସମାଧାନ ପାଇଁ କୌଣସି ଠୋସ୍ ପଦକ୍ଷେପ ନିଆଯାଇନାହିଁ ବୋଲି ଅଭିଯୋଗ ହୋଇଛି। ଗ୍ରାମବାସୀମାନେ ମନରେଗା ଯୋଜନାରେ କାମ ଯୋଗାଇଦେବା ପାଇଁ ଦାବି କରିଛନ୍ତି। ବ୍ଲକ ପ୍ରଶାସନ ଏ ନେଇ ତଦନ୍ତ କରିବ ବୋଲି କହିଛି। ସ୍ଥାନୀୟ ଜନପ୍ରତିନିଧିମାନେ ମଧ୍ୟ ଏ ବିଷୟରେ ଜିଲ୍ଲାପାଳଙ୍କ ଦୃଷ୍ଟି ଆକର୍ଷଣ କରିଛନ୍ତି।

ସ୍ଥାନୀୟ ଅଞ୍ଚଳରେ ପର୍ଯ୍ୟାପ୍ତ କାମ ନମିଳିବାରୁ ଶ୍ରମିକମାନେ ପରିବାର ପ୍ରତିପୋଷଣ ପାଇଁ ଅନ୍ୟ ରାଜ୍ୟକୁ ଯାଉଛନ୍ତି। ପ୍ରଶାସନ ପକ୍ଷରୁ ଏହି ସମସ୍ୟା ସମାଧାନ ପାଇଁ କୌଣସି ଠୋସ୍ ପଦକ୍ଷେପ ନିଆଯାଇନାହିଁ ବୋଲି ଅଭିଯୋଗ ହୋଇଛି। ଗ୍ରାମବାସୀମାନେ ମନରେଗା ଯୋଜନାରେ କାମ ଯୋଗାଇଦେବା ପାଇଁ ଦାବି କରିଛନ୍ତି। ବ୍ଲକ ପ୍ରଶାସନ ଏ ନେଇ ତଦନ୍ତ କରିବ ବୋଲି କହିଛି। ସ୍ଥାନୀୟ ଜନପ୍ରତିନିଧିମାନେ ମଧ୍ୟ ଏ ବିଷୟରେ ଜିଲ୍ଲାପାଳଙ୍କ ଦୃଷ୍ଟି ଆକର୍ଷଣ କରିଛନ୍ତି।

ସ୍ଥାନୀୟ ଅଞ୍ଚଳରେ ପର୍ଯ୍ୟାପ୍ତ କାମ ନମିଳିବାରୁ ଶ୍ରମିକମାନେ ପରିବାର ପ୍ରତିପୋଷଣ ପାଇଁ ଅନ୍ୟ ରାଜ୍ୟକୁ ଯାଉଛନ୍ତି। ପ୍ରଶାସନ ପକ୍ଷରୁ ଏହି ସମସ୍ୟା ସମାଧାନ ପାଇଁ କୌଣସି ଠୋସ୍ ପଦକ୍ଷେପ ନିଆଯାଇନାହିଁ ବୋଲି ଅଭିଯୋଗ ହୋଇଛି। ଗ୍ରାମବାସୀମାନେ ମନରେଗା ଯୋଜନାରେ କାମ ଯୋଗାଇଦେବା ପାଇଁ ଦାବି କରିଛନ୍ତି। ବ୍ଲକ ପ୍ରଶାସନ ଏ ନେଇ ତଦନ୍ତ କରିବ ବୋଲି କହିଛି। ସ୍ଥାନୀୟ ଜନପ୍ରତିନିଧିମାନେ ମଧ୍ୟ ଏ ବିଷୟରେ ଜିଲ୍ଲାପାଳଙ୍କ ଦୃଷ୍ଟି ଆକର୍ଷଣ କରିଛନ୍ତି।

ସ୍ଥାନୀୟ ଅଞ୍ଚଳରେ ପର୍ଯ୍ୟାପ୍ତ କାମ ନମିଳିବାରୁ ଶ୍ରମିକମାନେ ପରିବାର ପ୍ରତିପୋଷଣ ପାଇଁ ଅନ୍ୟ ରାଜ୍ୟକୁ ଯାଉଛନ୍ତି। ପ୍ରଶାସନ ପକ୍ଷରୁ ଏହି ସମସ୍ୟା ସମାଧାନ ପାଇଁ କୌଣସି ଠୋସ୍ ପଦକ୍ଷେପ ନିଆଯାଇନାହିଁ ବୋଲି ଅଭିଯୋଗ ହୋଇଛି। ଗ୍ରାମବାସୀମାନେ ମନରେଗା ଯୋଜନାରେ କାମ ଯୋଗାଇଦେବା ପାଇଁ ଦାବି କରିଛନ୍ତି। ବ୍ଲକ ପ୍ରଶାସନ ଏ ନେଇ ତଦନ୍ତ କରିବ ବୋଲି କହିଛି। ସ୍ଥାନୀୟ ଜନପ୍ରତିନିଧିମାନେ ମଧ୍ୟ ଏ ବିଷୟରେ ଜିଲ୍ଲାପାଳଙ୍କ ଦୃଷ୍ଟି ଆକର୍ଷଣ କରିଛନ୍ତି।

ସ୍ତନ୍ୟପାନ ସପ୍ତାହ ପାଳିତ

● ଝୁମ୍ପୁରା, ୬।୮ (ନିଜସ୍ୱ)

ସ୍ଥାନୀୟ ଅଞ୍ଚଳରେ ପର୍ଯ୍ୟାପ୍ତ କାମ ନମିଳିବାରୁ ଶ୍ରମିକମାନେ ପରିବାର ପ୍ରତିପୋଷଣ ପାଇଁ ଅନ୍ୟ ରାଜ୍ୟକୁ ଯାଉଛନ୍ତି। ପ୍ରଶାସନ ପକ୍ଷରୁ ଏହି ସମସ୍ୟା ସମାଧାନ ପାଇଁ କୌଣସି ଠୋସ୍ ପଦକ୍ଷେପ ନିଆଯାଇନାହିଁ ବୋଲି ଅଭିଯୋଗ ହୋଇଛି। ଗ୍ରାମବାସୀମାନେ ମନରେଗା ଯୋଜନାରେ କାମ ଯୋଗାଇଦେବା ପାଇଁ ଦାବି କରିଛନ୍ତି। ବ୍ଲକ ପ୍ରଶାସନ ଏ ନେଇ ତଦନ୍ତ କରିବ ବୋଲି କହିଛି। ସ୍ଥାନୀୟ ଜନପ୍ରତିନିଧିମାନେ ମଧ୍ୟ ଏ ବିଷୟରେ ଜିଲ୍ଲାପାଳଙ୍କ ଦୃଷ୍ଟି ଆକର୍ଷଣ କରିଛନ୍ତି।

ସ୍ଥାନୀୟ ଅଞ୍ଚଳରେ ପର୍ଯ୍ୟାପ୍ତ କାମ ନମିଳିବାରୁ ଶ୍ରମିକମାନେ ପରିବାର ପ୍ରତିପୋଷଣ ପାଇଁ ଅନ୍ୟ ରାଜ୍ୟକୁ ଯାଉଛନ୍ତି। ପ୍ରଶାସନ ପକ୍ଷରୁ ଏହି ସମସ୍ୟା ସମାଧାନ ପାଇଁ କୌଣସି ଠୋସ୍ ପଦକ୍ଷେପ ନିଆଯାଇନାହିଁ ବୋଲି ଅଭିଯୋଗ ହୋଇଛି। ଗ୍ରାମବାସୀମାନେ ମନରେଗା ଯୋଜନାରେ କାମ ଯୋଗାଇଦେବା ପାଇଁ ଦାବି କରିଛନ୍ତି। ବ୍ଲକ ପ୍ରଶାସନ ଏ ନେଇ ତଦନ୍ତ କରିବ ବୋଲି କହିଛି। ସ୍ଥାନୀୟ ଜନପ୍ରତିନିଧିମାନେ ମଧ୍ୟ ଏ ବିଷୟରେ ଜିଲ୍ଲାପାଳଙ୍କ ଦୃଷ୍ଟି ଆକର୍ଷଣ କରିଛନ୍ତି।

ସ୍ଥାନୀୟ ଅଞ୍ଚଳରେ ପର୍ଯ୍ୟାପ୍ତ କାମ ନମିଳିବାରୁ ଶ୍ରମିକମାନେ ପରିବାର ପ୍ରତିପୋଷଣ ପାଇଁ ଅନ୍ୟ ରାଜ୍ୟକୁ ଯାଉଛନ୍ତି। ପ୍ରଶାସନ ପକ୍ଷରୁ ଏହି ସମସ୍ୟା ସମାଧାନ ପାଇଁ କୌଣସି ଠୋସ୍ ପଦକ୍ଷେପ ନିଆଯାଇନାହିଁ ବୋଲି ଅଭିଯୋଗ ହୋଇଛି। ଗ୍ରାମବାସୀମାନେ ମନରେଗା ଯୋଜନାରେ କାମ ଯୋଗାଇଦେବା ପାଇଁ ଦାବି କରିଛନ୍ତି। ବ୍ଲକ ପ୍ରଶାସନ ଏ ନେଇ ତଦନ୍ତ କରିବ ବୋଲି କହିଛି। ସ୍ଥାନୀୟ ଜନପ୍ରତିନିଧିମାନେ ମଧ୍ୟ ଏ ବିଷୟରେ ଜିଲ୍ଲାପାଳଙ୍କ ଦୃଷ୍ଟି ଆକର୍ଷଣ କରିଛନ୍ତି।

ରାସ୍ତାରେ ଗାଡ଼ି ଓଲଟି ଦୁର୍ଘଟଣାଗ୍ରସ୍ତ

● ସହରପଡ଼ା, ୬।୮ (ନିଜସ୍ୱ)

ସ୍ଥାନୀୟ ଅଞ୍ଚଳରେ ପର୍ଯ୍ୟାପ୍ତ କାମ ନମିଳିବାରୁ ଶ୍ରମିକମାନେ ପରିବାର ପ୍ରତିପୋଷଣ ପାଇଁ ଅନ୍ୟ ରାଜ୍ୟକୁ ଯାଉଛନ୍ତି। ପ୍ରଶାସନ ପକ୍ଷରୁ ଏହି ସମସ୍ୟା ସମାଧାନ ପାଇଁ କୌଣସି ଠୋସ୍ ପଦକ୍ଷେପ ନିଆଯାଇନାହିଁ ବୋଲି ଅଭିଯୋଗ ହୋଇଛି। ଗ୍ରାମବାସୀମାନେ ମନରେଗା ଯୋଜନାରେ କାମ ଯୋଗାଇଦେବା ପାଇଁ ଦାବି କରିଛନ୍ତି। ବ୍ଲକ ପ୍ରଶାସନ ଏ ନେଇ ତଦନ୍ତ କରିବ ବୋଲି କହିଛି। ସ୍ଥାନୀୟ ଜନପ୍ରତିନିଧିମାନେ ମଧ୍ୟ ଏ ବିଷୟରେ ଜିଲ୍ଲାପାଳଙ୍କ ଦୃଷ୍ଟି ଆକର୍ଷଣ କରିଛନ୍ତି।

ସ୍ଥାନୀୟ ଅଞ୍ଚଳରେ ପର୍ଯ୍ୟାପ୍ତ କାମ ନମିଳିବାରୁ ଶ୍ରମିକମାନେ ପରିବାର ପ୍ରତିପୋଷଣ ପାଇଁ ଅନ୍ୟ ରାଜ୍ୟକୁ ଯାଉଛନ୍ତି। ପ୍ରଶାସନ ପକ୍ଷରୁ ଏହି ସମସ୍ୟା ସମାଧାନ ପାଇଁ କୌଣସି ଠୋସ୍ ପଦକ୍ଷେପ ନିଆଯାଇନାହିଁ ବୋଲି ଅଭିଯୋଗ ହୋଇଛି। ଗ୍ରାମବାସୀମାନେ ମନରେଗା ଯୋଜନାରେ କାମ ଯୋଗାଇଦେବା ପାଇଁ ଦାବି କରିଛନ୍ତି। ବ୍ଲକ ପ୍ରଶାସନ ଏ ନେଇ ତଦନ୍ତ କରିବ ବୋଲି କହିଛି। ସ୍ଥାନୀୟ ଜନପ୍ରତିନିଧିମାନେ ମଧ୍ୟ ଏ ବିଷୟରେ ଜିଲ୍ଲାପାଳଙ୍କ ଦୃଷ୍ଟି ଆକର୍ଷଣ କରିଛନ୍ତି।

ସ୍ଥାନୀୟ ଅଞ୍ଚଳରେ ପର୍ଯ୍ୟାପ୍ତ କାମ ନମିଳିବାରୁ ଶ୍ରମିକମାନେ ପରିବାର ପ୍ରତିପୋଷଣ ପାଇଁ ଅନ୍ୟ ରାଜ୍ୟକୁ ଯାଉଛନ୍ତି। ପ୍ରଶାସନ ପକ୍ଷରୁ ଏହି ସମସ୍ୟା ସମାଧାନ ପାଇଁ କୌଣସି ଠୋସ୍ ପଦକ୍ଷେପ ନିଆଯାଇନାହିଁ ବୋଲି ଅଭିଯୋଗ ହୋଇଛି। ଗ୍ରାମବାସୀମାନେ ମନରେଗା ଯୋଜନାରେ କାମ ଯୋଗାଇଦେବା ପାଇଁ ଦାବି କରିଛନ୍ତି। ବ୍ଲକ ପ୍ରଶାସନ ଏ ନେଇ ତଦନ୍ତ କରିବ ବୋଲି କହିଛି। ସ୍ଥାନୀୟ ଜନପ୍ରତିନିଧିମାନେ ମଧ୍ୟ ଏ ବିଷୟରେ ଜିଲ୍ଲାପାଳଙ୍କ ଦୃଷ୍ଟି ଆକର୍ଷଣ କରିଛନ୍ତି।

TENDER NOTICE FOR OFFICE STATIONARY, CONSUMABLE ITEMS & PRINTING ARTICLES FOR O/O THE DEAN & PRINCIPAL FMMCH BALASORE (2026-27)
Bid Ref. No.5960/DEAN/FMMCH/2026 Date: 05.08.2025
FMMCH, Balasore invites sealed Tender from registered Firm/Agencies/Suppliers for Supply of Office Stationery, Consumable Items & Printing Articles for O/o the Dean & Principal, FMMCH Balasore. The proposal in the prescribed format along with all supportive documents should reach to the office of the Dean & Principal, Balasore, FMMCH, Balasore by Registered Post/Speed Post on or before 22.08.2025 at 05:00 PM. Full details may be downloaded from the website.
Sd/- Dean & Principal
Fakir Mohan Medical College & Hospital, Balasore
OIPR-10001/11/0025
APTUS	ସମ୍ପତ୍ତି ଦଖଲ ବିଜ୍ଞପ୍ତି
ସର୍ବସାଧାରଣଙ୍କୁ ଜଣାଇ ଦିଆଯାଉଛି ଯେ ନିମ୍ନଲିଖିତ ଋଣଗ୍ରହୀତାଙ୍କ ସମ୍ପତ୍ତି ସିକ୍ୟୁରିଟାଇଜେସନ ଆଇନ ଅନୁସାରେ ଦଖଲ କରାଯାଇଛି।
ସ୍ଥାନୀୟ ଅଞ୍ଚଳରେ ପର୍ଯ୍ୟାପ୍ତ କାମ ନମିଳିବାରୁ ଶ୍ରମିକମାନେ ପରିବାର ପ୍ରତିପୋଷଣ ପାଇଁ ଅନ୍ୟ ରାଜ୍ୟକୁ ଯାଉଛନ୍ତି। ପ୍ରଶାସନ ପକ୍ଷରୁ ଏହି ସମସ୍ୟା ସମାଧାନ ପାଇଁ କୌଣସି ଠୋସ୍ ପଦକ୍ଷେପ ନିଆଯାଇନାହିଁ ବୋଲି ଅଭିଯୋଗ ହୋଇଛି। ଗ୍ରାମବାସୀମାନେ ମନରେଗା ଯୋଜନାରେ କାମ ଯୋଗାଇଦେବା ପାଇଁ ଦାବି କରିଛନ୍ତି। ବ୍ଲକ ପ୍ରଶାସନ ଏ ନେଇ ତଦନ୍ତ କରିବ ବୋଲି କହିଛି। ସ୍ଥାନୀୟ ଜନପ୍ରତିନିଧିମାନେ ମଧ୍ୟ ଏ ବିଷୟରେ ଜିଲ୍ଲାପାଳଙ୍କ ଦୃଷ୍ଟି ଆକର୍ଷଣ କରିଛନ୍ତି।
OFFICE OF THE
CHIEF DISTRICT MEDICAL & PUBLIC HEALTH OFFICER, NUAPADA
(District Central Store)
SHORT TENDER CALL NOTICE
Notification No. CDMO&PHO/DS/CTN/2025-26
Sealed tenders are invited from registered firms/ Authorized Dealers/ Distributors for supply of Drugs & Medical Consumables to the District Central Store. Tender documents can be downloaded from the District website nuapada.odisha.gov.in. The tender should reach by Speed Post/ Registered Post only on or before 26.08.2025 upto 05:00 PM. The undersigned reserves the right to reject any or all the tenders without assigning any reason thereof.
Sd/- Chief District Medical &
Public Health Officer, Nuapada
OIPR-10001/11/0027
OFFICE OF THE EXECUTIVE ENGINEER
GROUND WATER DEVELOPMENT DIVISION-1
AT: BUILDING, UNIT-8, BHUBANESWAR
e-Procurement Notice No. 04 / Year 2025-26. Bid identification No. GWD-1-04/2025-26. Tender for drilling of bore wells and allied works in Khurda district. Name of work, amount put to tender, cost of bid document and period of completion are available in the table and on the portal www.tendersodisha.gov.in
Sl	Name of Work	Amount	Cost of Bid
OIPR-33001/11/0025
ଗୋଡ଼ରେ ବଢ଼ୁଥିବା ଘାଆ ନେଇ ଚିନ୍ତା

● ପାଟଣା, ୬।୮ (ନିଜସ୍ୱ)

ସ୍ଥାନୀୟ ଅଞ୍ଚଳରେ ପର୍ଯ୍ୟାପ୍ତ କାମ ନମିଳିବାରୁ ଶ୍ରମିକମାନେ ପରିବାର ପ୍ରତିପୋଷଣ ପାଇଁ ଅନ୍ୟ ରାଜ୍ୟକୁ ଯାଉଛନ୍ତି। ପ୍ରଶାସନ ପକ୍ଷରୁ ଏହି ସମସ୍ୟା ସମାଧାନ ପାଇଁ କୌଣସି ଠୋସ୍ ପଦକ୍ଷେପ ନିଆଯାଇନାହିଁ ବୋଲି ଅଭିଯୋଗ ହୋଇଛି। ଗ୍ରାମବାସୀମାନେ ମନରେଗା ଯୋଜନାରେ କାମ ଯୋଗାଇଦେବା ପାଇଁ ଦାବି କରିଛନ୍ତି। ବ୍ଲକ ପ୍ରଶାସନ ଏ ନେଇ ତଦନ୍ତ କରିବ ବୋଲି କହିଛି। ସ୍ଥାନୀୟ ଜନପ୍ରତିନିଧିମାନେ ମଧ୍ୟ ଏ ବିଷୟରେ ଜିଲ୍ଲାପାଳଙ୍କ ଦୃଷ୍ଟି ଆକର୍ଷଣ କରିଛନ୍ତି।

ସ୍ଥାନୀୟ ଅଞ୍ଚଳରେ ପର୍ଯ୍ୟାପ୍ତ କାମ ନମିଳିବାରୁ ଶ୍ରମିକମାନେ ପରିବାର ପ୍ରତିପୋଷଣ ପାଇଁ ଅନ୍ୟ ରାଜ୍ୟକୁ ଯାଉଛନ୍ତି। ପ୍ରଶାସନ ପକ୍ଷରୁ ଏହି ସମସ୍ୟା ସମାଧାନ ପାଇଁ କୌଣସି ଠୋସ୍ ପଦକ୍ଷେପ ନିଆଯାଇନାହିଁ ବୋଲି ଅଭିଯୋଗ ହୋଇଛି। ଗ୍ରାମବାସୀମାନେ ମନରେଗା ଯୋଜନାରେ କାମ ଯୋଗାଇଦେବା ପାଇଁ ଦାବି କରିଛନ୍ତି। ବ୍ଲକ ପ୍ରଶାସନ ଏ ନେଇ ତଦନ୍ତ କରିବ ବୋଲି କହିଛି। ସ୍ଥାନୀୟ ଜନପ୍ରତିନିଧିମାନେ ମଧ୍ୟ ଏ ବିଷୟରେ ଜିଲ୍ଲାପାଳଙ୍କ ଦୃଷ୍ଟି ଆକର୍ଷଣ କରିଛନ୍ତି।

HDFC BANK
Sale notice for sale of immovable assets under the Securitisation and Reconstruction of Financial Assets and Enforcement of Security Interest Act, 2002. Notice is hereby given to the public in general that the below described immovable property mortgaged to the secured creditor will be sold on As is where is basis.
ଘରୋଇ ସମ୍ପତ୍ତି ନିଲାମ ବିଜ୍ଞପ୍ତି
Name	Property	Reserve Price	Date
ସ୍ଥାନୀୟ ଅଞ୍ଚଳରେ ପର୍ଯ୍ୟାପ୍ତ କାମ ନମିଳିବାରୁ ଶ୍ରମିକମାନେ ପରିବାର ପ୍ରତିପୋଷଣ ପାଇଁ ଅନ୍ୟ ରାଜ୍ୟକୁ ଯାଉଛନ୍ତି। ପ୍ରଶାସନ ପକ୍ଷରୁ ଏହି ସମସ୍ୟା ସମାଧାନ ପାଇଁ କୌଣସି ଠୋସ୍ ପଦକ୍ଷେପ ନିଆଯାଇନାହିଁ ବୋଲି ଅଭିଯୋଗ ହୋଇଛି। ଗ୍ରାମବାସୀମାନେ ମନରେଗା ଯୋଜନାରେ କାମ ଯୋଗାଇଦେବା ପାଇଁ ଦାବି କରିଛନ୍ତି। ବ୍ଲକ ପ୍ରଶାସନ ଏ ନେଇ ତଦନ୍ତ କରିବ ବୋଲି କହିଛି। ସ୍ଥାନୀୟ ଜନପ୍ରତିନିଧିମାନେ ମଧ୍ୟ ଏ ବିଷୟରେ ଜିଲ୍ଲାପାଳଙ୍କ ଦୃଷ୍ଟି ଆକର୍ଷଣ କରିଛନ୍ତି।
ସ୍ଥାନୀୟ ଅଞ୍ଚଳରେ ପର୍ଯ୍ୟାପ୍ତ କାମ ନମିଳିବାରୁ ଶ୍ରମିକମାନେ ପରିବାର ପ୍ରତିପୋଷଣ ପାଇଁ ଅନ୍ୟ ରାଜ୍ୟକୁ ଯାଉଛନ୍ତି। ପ୍ରଶାସନ ପକ୍ଷରୁ ଏହି ସମସ୍ୟା ସମାଧାନ ପାଇଁ କୌଣସି ଠୋସ୍ ପଦକ୍ଷେପ ନିଆଯାଇନାହିଁ ବୋଲି ଅଭିଯୋଗ ହୋଇଛି। ଗ୍ରାମବାସୀମାନେ ମନରେଗା ଯୋଜନାରେ କାମ ଯୋଗାଇଦେବା ପାଇଁ ଦାବି କରିଛନ୍ତି। ବ୍ଲକ ପ୍ରଶାସନ ଏ ନେଇ ତଦନ୍ତ କରିବ ବୋଲି କହିଛି। ସ୍ଥାନୀୟ ଜନପ୍ରତିନିଧିମାନେ ମଧ୍ୟ ଏ ବିଷୟରେ ଜିଲ୍ଲାପାଳଙ୍କ ଦୃଷ୍ଟି ଆକର୍ଷଣ କରିଛନ୍ତି।
ସ୍ଥାନୀୟ ଅଞ୍ଚଳରେ ପର୍ଯ୍ୟାପ୍ତ କାମ ନମିଳିବାରୁ ଶ୍ରମିକମାନେ ପରିବାର ପ୍ରତିପୋଷଣ ପାଇଁ ଅନ୍ୟ ରାଜ୍ୟକୁ ଯାଉଛନ୍ତି। ପ୍ରଶାସନ ପକ୍ଷରୁ ଏହି ସମସ୍ୟା ସମାଧାନ ପାଇଁ କୌଣସି ଠୋସ୍ ପଦକ୍ଷେପ ନିଆଯାଇନାହିଁ ବୋଲି ଅଭିଯୋଗ ହୋଇଛି। ଗ୍ରାମବାସୀମାନେ ମନରେଗା ଯୋଜନାରେ କାମ ଯୋଗାଇଦେବା ପାଇଁ ଦାବି କରିଛନ୍ତି। ବ୍ଲକ ପ୍ରଶାସନ ଏ ନେଇ ତଦନ୍ତ କରିବ ବୋଲି କହିଛି। ସ୍ଥାନୀୟ ଜନପ୍ରତିନିଧିମାନେ ମଧ୍ୟ ଏ ବିଷୟରେ ଜିଲ୍ଲାପାଳଙ୍କ ଦୃଷ୍ଟି ଆକର୍ଷଣ କରିଛନ୍ତି।
ସ୍ଥାନୀୟ ଅଞ୍ଚଳରେ ପର୍ଯ୍ୟାପ୍ତ କାମ ନମିଳିବାରୁ ଶ୍ରମିକମାନେ ପରିବାର ପ୍ରତିପୋଷଣ ପାଇଁ ଅନ୍ୟ ରାଜ୍ୟକୁ ଯାଉଛନ୍ତି। ପ୍ରଶାସନ ପକ୍ଷରୁ ଏହି ସମସ୍ୟା ସମାଧାନ ପାଇଁ କୌଣସି ଠୋସ୍ ପଦକ୍ଷେପ ନିଆଯାଇନାହିଁ ବୋଲି ଅଭିଯୋଗ ହୋଇଛି। ଗ୍ରାମବାସୀମାନେ ମନରେଗା ଯୋଜନାରେ କାମ ଯୋଗାଇଦେବା ପାଇଁ ଦାବି କରିଛନ୍ତି। ବ୍ଲକ ପ୍ରଶାସନ ଏ ନେଇ ତଦନ୍ତ କରିବ ବୋଲି କହିଛି। ସ୍ଥାନୀୟ ଜନପ୍ରତିନିଧିମାନେ ମଧ୍ୟ ଏ ବିଷୟରେ ଜିଲ୍ଲାପାଳଙ୍କ ଦୃଷ୍ଟି ଆକର୍ଷଣ କରିଛନ୍ତି।
ଧାନକୋଇଲି ଚାଷ ନେଇ ଆଲୋଚନା

● ସଦର, ୬।୮ (ନିଜସ୍ୱ)

ସ୍ଥାନୀୟ ଅଞ୍ଚଳରେ ପର୍ଯ୍ୟାପ୍ତ କାମ ନମିଳିବାରୁ ଶ୍ରମିକମାନେ ପରିବାର ପ୍ରତିପୋଷଣ ପାଇଁ ଅନ୍ୟ ରାଜ୍ୟକୁ ଯାଉଛନ୍ତି। ପ୍ରଶାସନ ପକ୍ଷରୁ ଏହି ସମସ୍ୟା ସମାଧାନ ପାଇଁ କୌଣସି ଠୋସ୍ ପଦକ୍ଷେପ ନିଆଯାଇନାହିଁ ବୋଲି ଅଭିଯୋଗ ହୋଇଛି। ଗ୍ରାମବାସୀମାନେ ମନରେଗା ଯୋଜନାରେ କାମ ଯୋଗାଇଦେବା ପାଇଁ ଦାବି କରିଛନ୍ତି। ବ୍ଲକ ପ୍ରଶାସନ ଏ ନେଇ ତଦନ୍ତ କରିବ ବୋଲି କହିଛି। ସ୍ଥାନୀୟ ଜନପ୍ରତିନିଧିମାନେ ମଧ୍ୟ ଏ ବିଷୟରେ ଜିଲ୍ଲାପାଳଙ୍କ ଦୃଷ୍ଟି ଆକର୍ଷଣ କରିଛନ୍ତି।

ସ୍ଥାନୀୟ ଅଞ୍ଚଳରେ ପର୍ଯ୍ୟାପ୍ତ କାମ ନମିଳିବାରୁ ଶ୍ରମିକମାନେ ପରିବାର ପ୍ରତିପୋଷଣ ପାଇଁ ଅନ୍ୟ ରାଜ୍ୟକୁ ଯାଉଛନ୍ତି। ପ୍ରଶାସନ ପକ୍ଷରୁ ଏହି ସମସ୍ୟା ସମାଧାନ ପାଇଁ କୌଣସି ଠୋସ୍ ପଦକ୍ଷେପ ନିଆଯାଇନାହିଁ ବୋଲି ଅଭିଯୋଗ ହୋଇଛି। ଗ୍ରାମବାସୀମାନେ ମନରେଗା ଯୋଜନାରେ କାମ ଯୋଗାଇଦେବା ପାଇଁ ଦାବି କରିଛନ୍ତି। ବ୍ଲକ ପ୍ରଶାସନ ଏ ନେଇ ତଦନ୍ତ କରିବ ବୋଲି କହିଛି। ସ୍ଥାନୀୟ ଜନପ୍ରତିନିଧିମାନେ ମଧ୍ୟ ଏ ବିଷୟରେ ଜିଲ୍ଲାପାଳଙ୍କ ଦୃଷ୍ଟି ଆକର୍ଷଣ କରିଛନ୍ତି।

ପ୍ରଗତିବାଦୀ ପ୍ରେସ, ୧୭୮ ଖାରବେଳ ନଗର, ଭୁବନେଶ୍ୱର ଠାରୁ ପ୍ରକାଶିତ ଓ ମୁଦ୍ରିତ • ସମ୍ପାଦକ: ପ୍ରଗତିବାଦୀ
ଏଫିଡେଭିଟ୍ ବିଜ୍ଞପ୍ତି
ମୁଁ ଶପଥ ପୂର୍ବକ ଘୋଷଣା କରୁଛି ଯେ ମୋର ନାମ ସମସ୍ତ ଦଲିଲରେ ସଠିକ ଭାବେ ଲେଖାଯାଇଛି। ଏହା ମୋର ସତ୍ୟପାଠ।
ନାମ ପରିବର୍ତ୍ତନ ବିଜ୍ଞପ୍ତି
ମୁଁ ମୋର ନାମ ପରିବର୍ତ୍ତନ କରିଅଛି। ଭବିଷ୍ୟତରେ ମୋତେ ନୂଆ ନାମରେ ଜଣାଯିବ। ଏହା ସମସ୍ତଙ୍କ ଅବଗତି ନିମନ୍ତେ।
ଜିଲ୍ଲା ସମାଜ ମଙ୍ଗଳ ଅଧିକାରୀଙ୍କ କାର୍ଯ୍ୟାଳୟ
ଜିଲ୍ଲା ସମାଜ ମଙ୍ଗଳ ଅଧିକାରୀଙ୍କ କାର୍ଯ୍ୟାଳୟ ତରଫରୁ ସୂଚନା ଦିଆଯାଉଛି ଯେ ଇଚ୍ଛୁକ ଯୋଗ୍ୟ ପ୍ରାର୍ଥୀମାନଙ୍କଠାରୁ ଆବେଦନ ପତ୍ର ଆହ୍ୱାନ କରାଯାଉଛି।
